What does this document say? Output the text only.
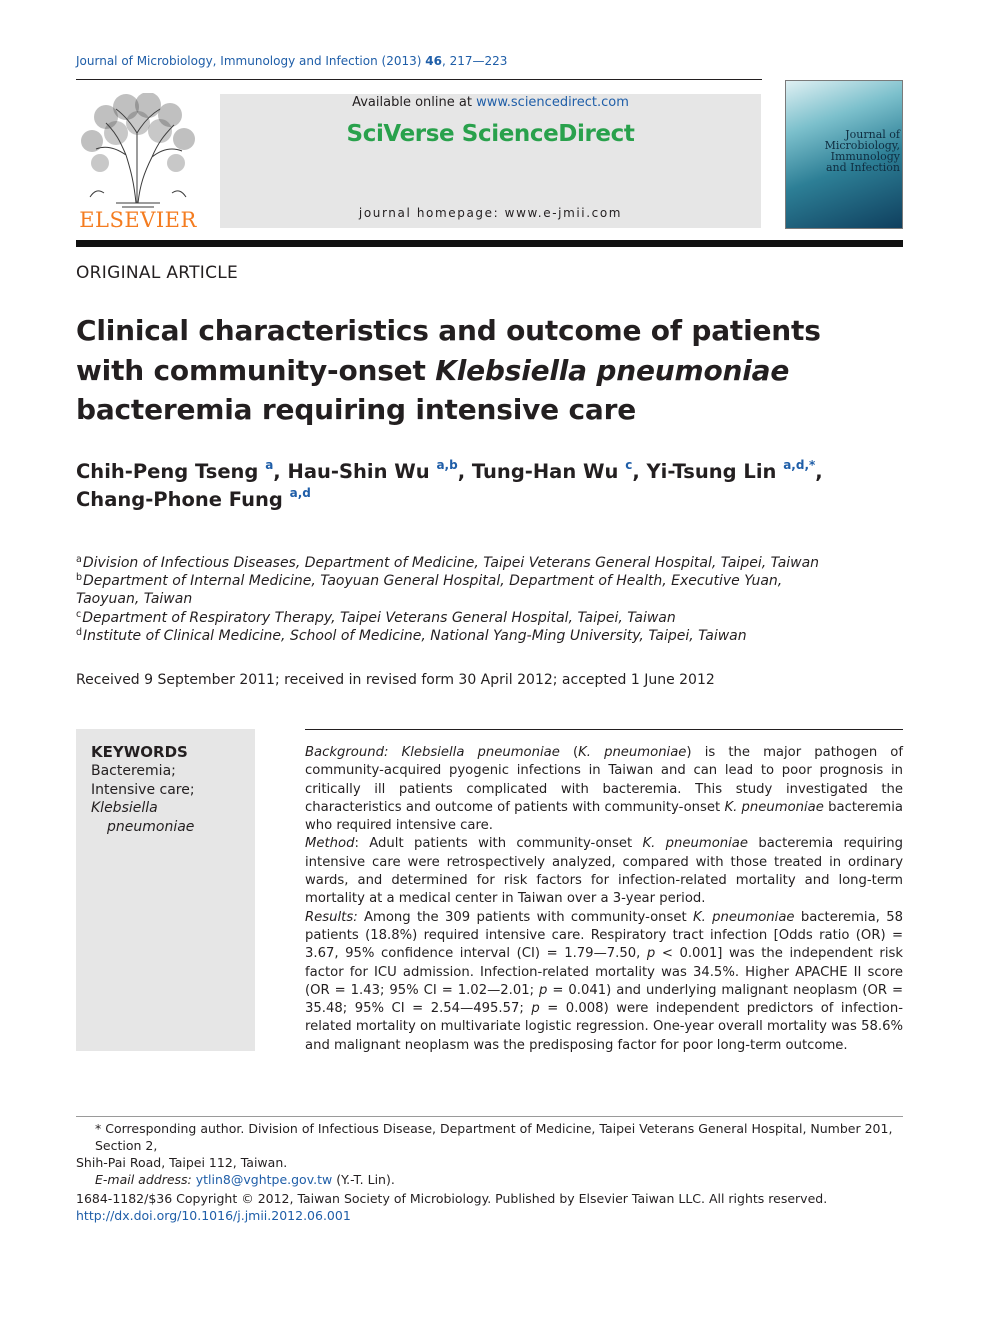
Journal of Microbiology, Immunology and Infection (2013) 46, 217—223
ELSEVIER
Available online at www.sciencedirect.com
SciVerse ScienceDirect
journal homepage: www.e-jmii.com
Journal of
Microbiology,
Immunology
and Infection
ORIGINAL ARTICLE
Clinical characteristics and outcome of patients with community-onset Klebsiella pneumoniae bacteremia requiring intensive care
Chih-Peng Tseng $^a$, Hau-Shin Wu $^{a,b}$, Tung-Han Wu $^c$, Yi-Tsung Lin $^{a,d,*}$,
Chang-Phone Fung $^{a,d}$
$^a$Division of Infectious Diseases, Department of Medicine, Taipei Veterans General Hospital, Taipei, Taiwan
$^b$Department of Internal Medicine, Taoyuan General Hospital, Department of Health, Executive Yuan,
Taoyuan, Taiwan
$^c$Department of Respiratory Therapy, Taipei Veterans General Hospital, Taipei, Taiwan
$^d$Institute of Clinical Medicine, School of Medicine, National Yang-Ming University, Taipei, Taiwan
Received 9 September 2011; received in revised form 30 April 2012; accepted 1 June 2012
KEYWORDS
Bacteremia;
Intensive care;
Klebsiella
pneumoniae

Background: Klebsiella pneumoniae (K. pneumoniae) is the major pathogen of community-acquired pyogenic infections in Taiwan and can lead to poor prognosis in critically ill patients complicated with bacteremia. This study investigated the characteristics and outcome of patients with community-onset K. pneumoniae bacteremia who required intensive care.

Method: Adult patients with community-onset K. pneumoniae bacteremia requiring intensive care were retrospectively analyzed, compared with those treated in ordinary wards, and determined for risk factors for infection-related mortality and long-term mortality at a medical center in Taiwan over a 3-year period.

Results: Among the 309 patients with community-onset K. pneumoniae bacteremia, 58 patients (18.8%) required intensive care. Respiratory tract infection [Odds ratio (OR) = 3.67, 95% confidence interval (CI) = 1.79—7.50, p < 0.001] was the independent risk factor for ICU admission. Infection-related mortality was 34.5%. Higher APACHE II score (OR = 1.43; 95% CI = 1.02—2.01; p = 0.041) and underlying malignant neoplasm (OR = 35.48; 95% CI = 2.54—495.57; p = 0.008) were independent predictors of infection-related mortality on multivariate logistic regression. One-year overall mortality was 58.6% and malignant neoplasm was the predisposing factor for poor long-term outcome.

* Corresponding author. Division of Infectious Disease, Department of Medicine, Taipei Veterans General Hospital, Number 201, Section 2,
Shih-Pai Road, Taipei 112, Taiwan.
E-mail address: ytlin8@vghtpe.gov.tw (Y.-T. Lin).
1684-1182/$36 Copyright © 2012, Taiwan Society of Microbiology. Published by Elsevier Taiwan LLC. All rights reserved.
http://dx.doi.org/10.1016/j.jmii.2012.06.001
